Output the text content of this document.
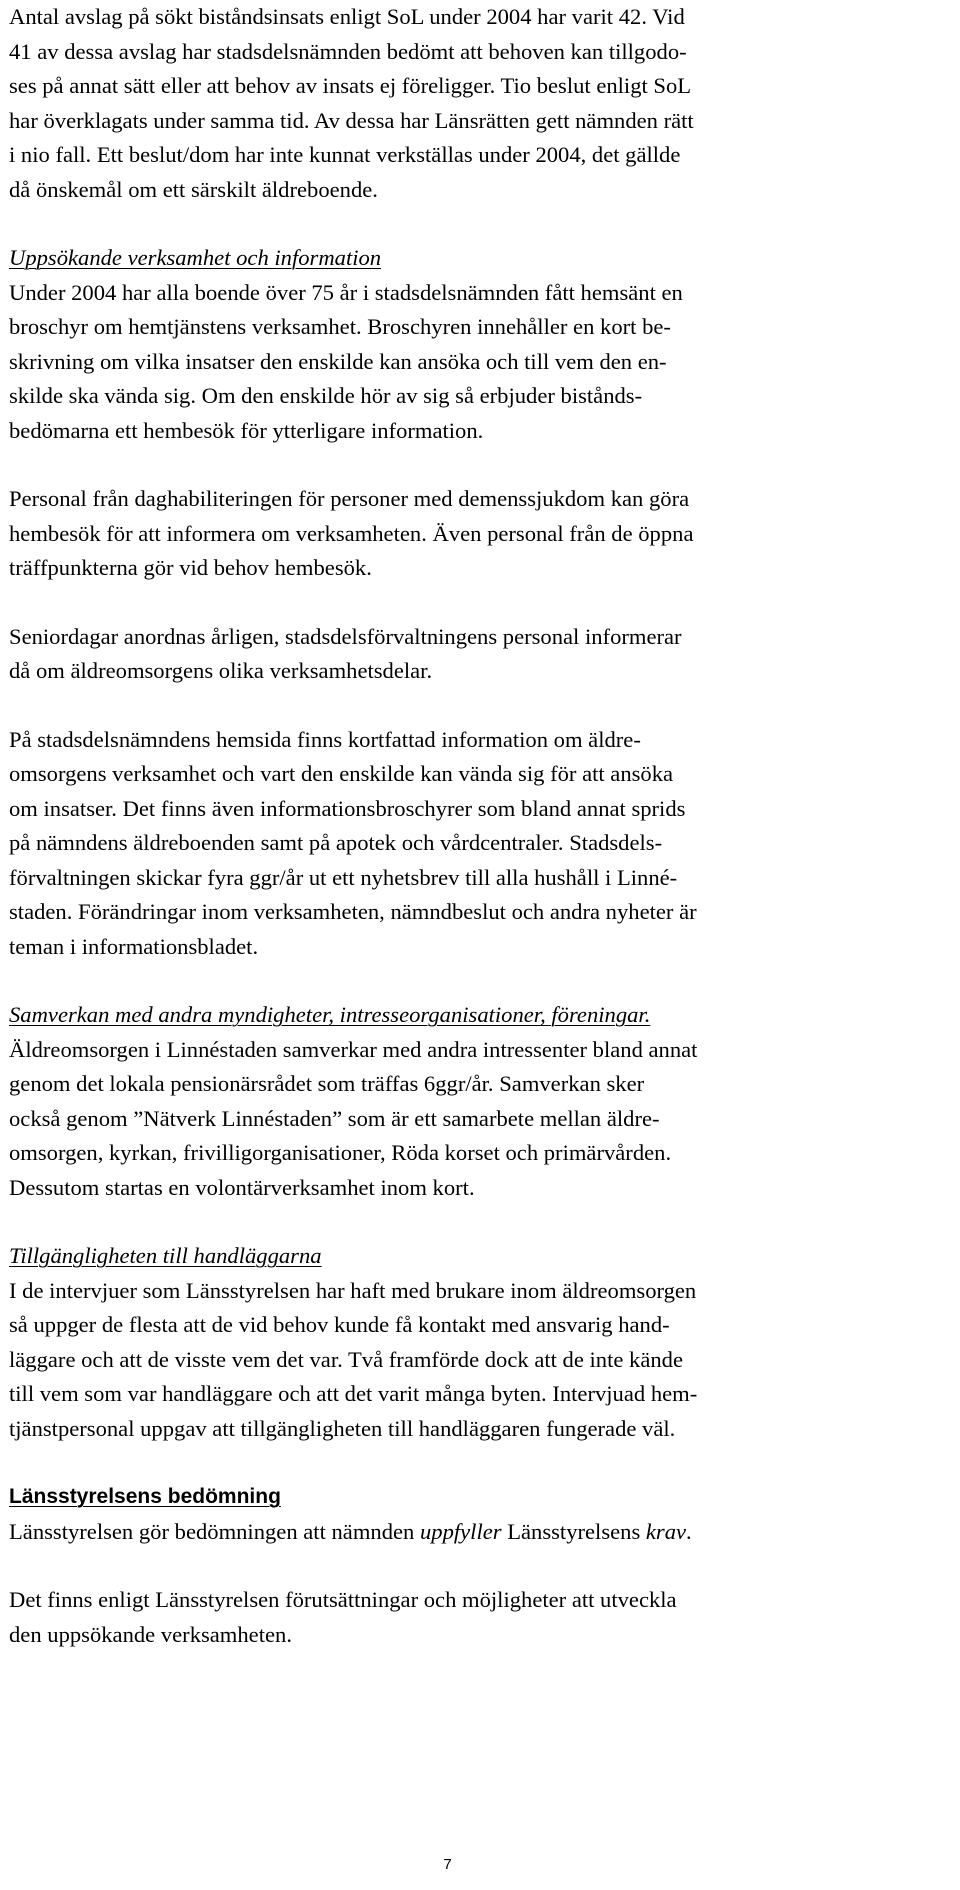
Antal avslag på sökt biståndsinsats enligt SoL under 2004 har varit 42. Vid
41 av dessa avslag har stadsdelsnämnden bedömt att behoven kan tillgodo-
ses på annat sätt eller att behov av insats ej föreligger. Tio beslut enligt SoL
har överklagats under samma tid. Av dessa har Länsrätten gett nämnden rätt
i nio fall. Ett beslut/dom har inte kunnat verkställas under 2004, det gällde
då önskemål om ett särskilt äldreboende.

Uppsökande verksamhet och information

Under 2004 har alla boende över 75 år i stadsdelsnämnden fått hemsänt en
broschyr om hemtjänstens verksamhet. Broschyren innehåller en kort be-
skrivning om vilka insatser den enskilde kan ansöka och till vem den en-
skilde ska vända sig. Om den enskilde hör av sig så erbjuder bistånds-
bedömarna ett hembesök för ytterligare information.

Personal från daghabiliteringen för personer med demenssjukdom kan göra
hembesök för att informera om verksamheten. Även personal från de öppna
träffpunkterna gör vid behov hembesök.

Seniordagar anordnas årligen, stadsdelsförvaltningens personal informerar
då om äldreomsorgens olika verksamhetsdelar.

På stadsdelsnämndens hemsida finns kortfattad information om äldre-
omsorgens verksamhet och vart den enskilde kan vända sig för att ansöka
om insatser. Det finns även informationsbroschyrer som bland annat sprids
på nämndens äldreboenden samt på apotek och vårdcentraler. Stadsdels-
förvaltningen skickar fyra ggr/år ut ett nyhetsbrev till alla hushåll i Linné-
staden. Förändringar inom verksamheten, nämndbeslut och andra nyheter är
teman i informationsbladet.

Samverkan med andra myndigheter, intresseorganisationer, föreningar.

Äldreomsorgen i Linnéstaden samverkar med andra intressenter bland annat
genom det lokala pensionärsrådet som träffas 6ggr/år. Samverkan sker
också genom ”Nätverk Linnéstaden” som är ett samarbete mellan äldre-
omsorgen, kyrkan, frivilligorganisationer, Röda korset och primärvården.
Dessutom startas en volontärverksamhet inom kort.

Tillgängligheten till handläggarna

I de intervjuer som Länsstyrelsen har haft med brukare inom äldreomsorgen
så uppger de flesta att de vid behov kunde få kontakt med ansvarig hand-
läggare och att de visste vem det var. Två framförde dock att de inte kände
till vem som var handläggare och att det varit många byten. Intervjuad hem-
tjänstpersonal uppgav att tillgängligheten till handläggaren fungerade väl.

Länsstyrelsens bedömning

Länsstyrelsen gör bedömningen att nämnden uppfyller Länsstyrelsens krav.

Det finns enligt Länsstyrelsen förutsättningar och möjligheter att utveckla
den uppsökande verksamheten.

7
